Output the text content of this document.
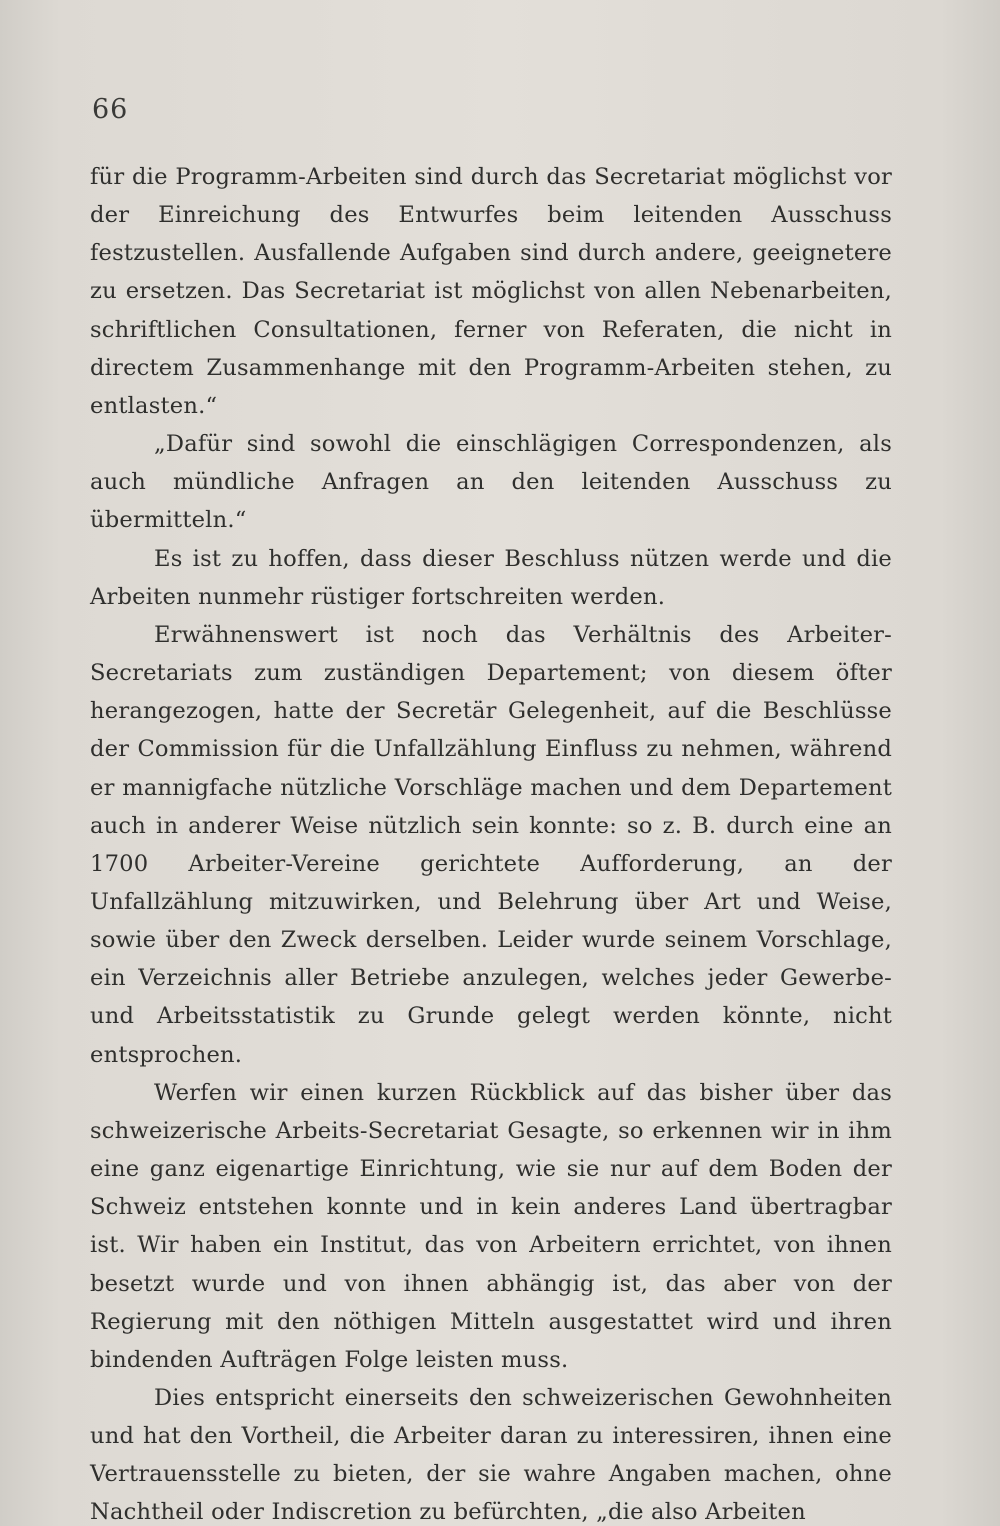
66

für die Programm-Arbeiten sind durch das Secretariat möglichst vor der Einreichung des Entwurfes beim leitenden Ausschuss festzustellen. Ausfallende Aufgaben sind durch andere, geeignetere zu ersetzen. Das Secretariat ist möglichst von allen Nebenarbeiten, schriftlichen Consultationen, ferner von Referaten, die nicht in directem Zusammenhange mit den Programm-Arbeiten stehen, zu entlasten.“

„Dafür sind sowohl die einschlägigen Correspondenzen, als auch mündliche Anfragen an den leitenden Ausschuss zu übermitteln.“

Es ist zu hoffen, dass dieser Beschluss nützen werde und die Arbeiten nunmehr rüstiger fortschreiten werden.

Erwähnenswert ist noch das Verhältnis des Arbeiter-Secretariats zum zuständigen Departement; von diesem öfter herangezogen, hatte der Secretär Gelegenheit, auf die Beschlüsse der Commission für die Unfallzählung Einfluss zu nehmen, während er mannigfache nützliche Vorschläge machen und dem Departement auch in anderer Weise nützlich sein konnte: so z. B. durch eine an 1700 Arbeiter-Vereine gerichtete Aufforderung, an der Unfallzählung mitzuwirken, und Belehrung über Art und Weise, sowie über den Zweck derselben. Leider wurde seinem Vorschlage, ein Verzeichnis aller Betriebe anzulegen, welches jeder Gewerbe- und Arbeitsstatistik zu Grunde gelegt werden könnte, nicht entsprochen.

Werfen wir einen kurzen Rückblick auf das bisher über das schweizerische Arbeits-Secretariat Gesagte, so erkennen wir in ihm eine ganz eigenartige Einrichtung, wie sie nur auf dem Boden der Schweiz entstehen konnte und in kein anderes Land übertragbar ist. Wir haben ein Institut, das von Arbeitern errichtet, von ihnen besetzt wurde und von ihnen abhängig ist, das aber von der Regierung mit den nöthigen Mitteln ausgestattet wird und ihren bindenden Aufträgen Folge leisten muss.

Dies entspricht einerseits den schweizerischen Gewohnheiten und hat den Vortheil, die Arbeiter daran zu interessiren, ihnen eine Vertrauensstelle zu bieten, der sie wahre Angaben machen, ohne Nachtheil oder Indiscretion zu befürchten, „die also Arbeiten
